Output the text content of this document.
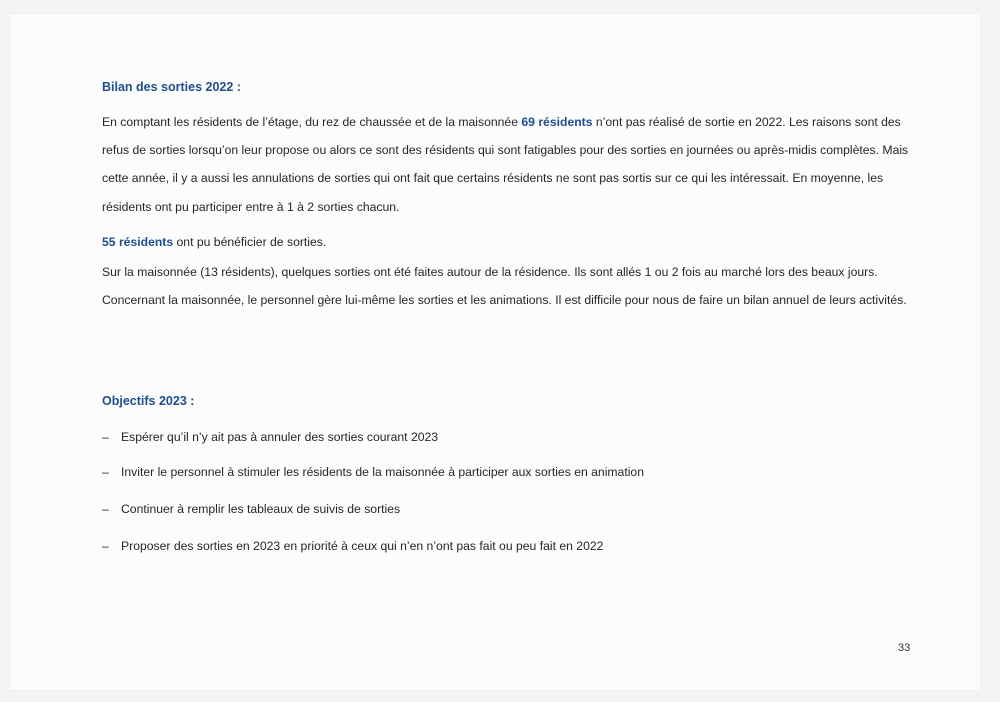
Bilan des sorties 2022 :
En comptant les résidents de l’étage, du rez de chaussée et de la maisonnée 69 résidents n’ont pas réalisé de sortie en 2022. Les raisons sont des refus de sorties lorsqu’on leur propose ou alors ce sont des résidents qui sont fatigables pour des sorties en journées ou après-midis complètes. Mais cette année, il y a aussi les annulations de sorties qui ont fait que certains résidents ne sont pas sortis sur ce qui les intéressait. En moyenne, les résidents ont pu participer entre à 1 à 2 sorties chacun.
55 résidents ont pu bénéficier de sorties.
Sur la maisonnée (13 résidents), quelques sorties ont été faites autour de la résidence. Ils sont allés 1 ou 2 fois au marché lors des beaux jours. Concernant la maisonnée, le personnel gère lui-même les sorties et les animations. Il est difficile pour nous de faire un bilan annuel de leurs activités.
Objectifs 2023 :
– Espérer qu’il n’y ait pas à annuler des sorties courant 2023
– Inviter le personnel à stimuler les résidents de la maisonnée à participer aux sorties en animation
– Continuer à remplir les tableaux de suivis de sorties
– Proposer des sorties en 2023 en priorité à ceux qui n’en n’ont pas fait ou peu fait en 2022
33
